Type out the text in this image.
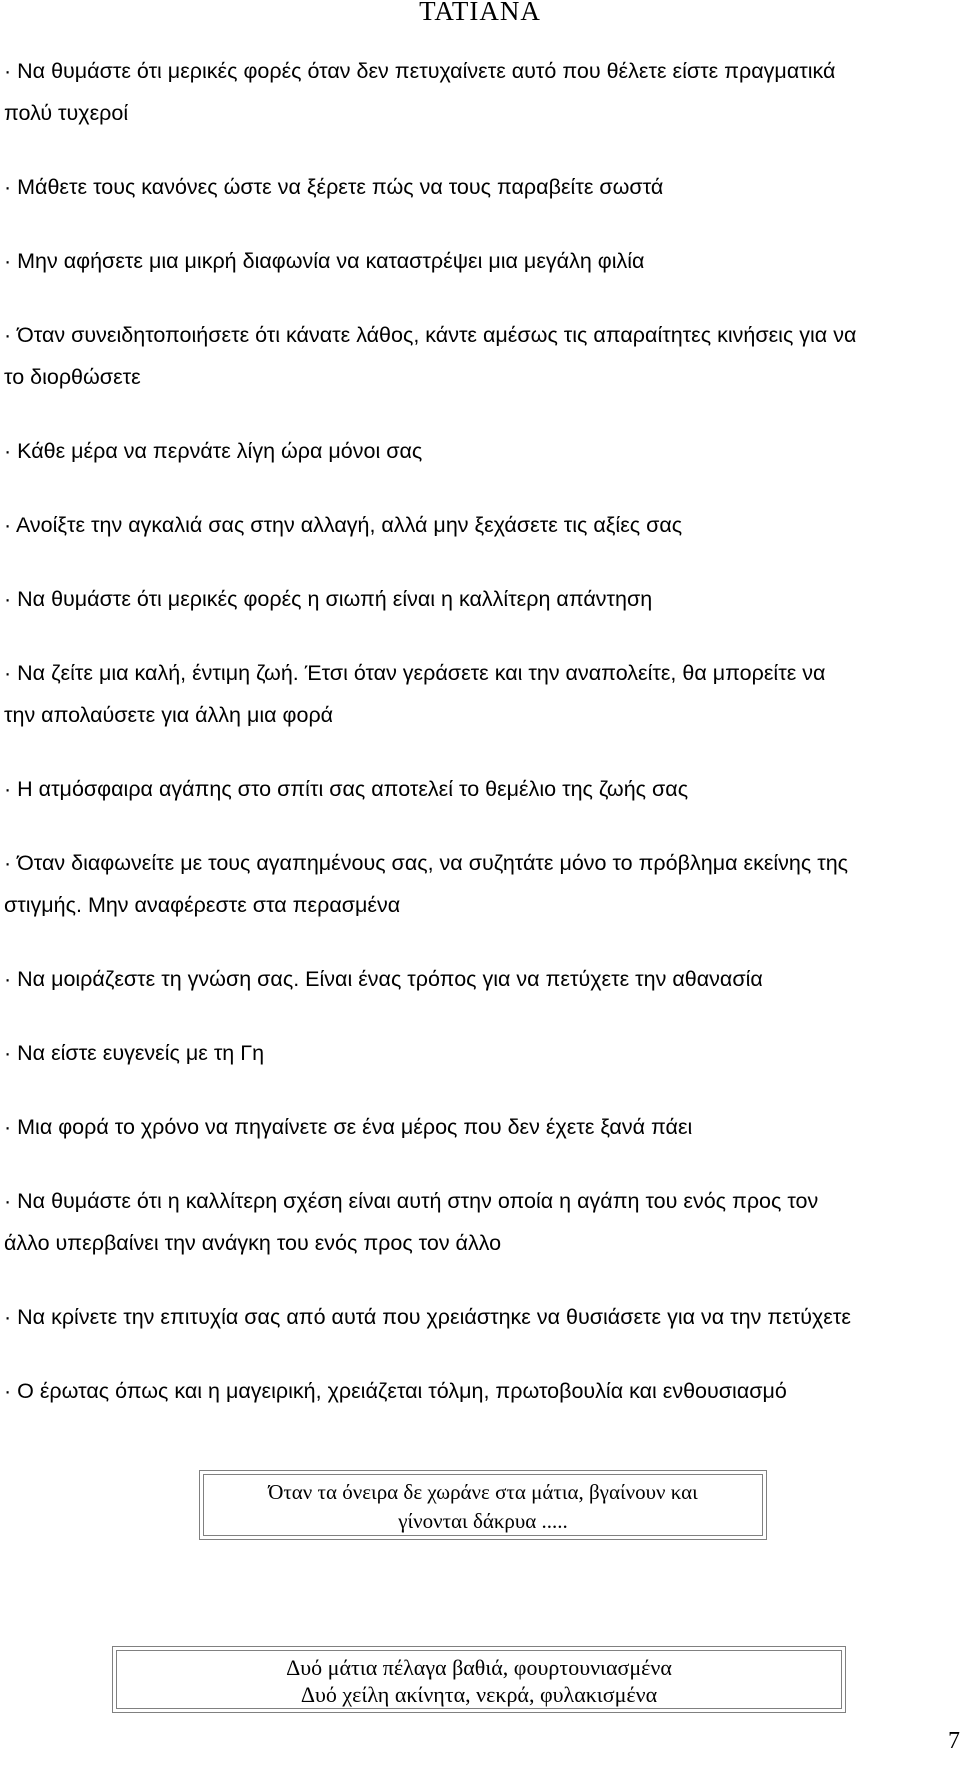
TATIANA
· Να θυμάστε ότι μερικές φορές όταν δεν πετυχαίνετε αυτό που θέλετε είστε πραγματικά
πολύ τυχεροί
· Μάθετε τους κανόνες ώστε να ξέρετε πώς να τους παραβείτε σωστά
· Μην αφήσετε μια μικρή διαφωνία να καταστρέψει μια μεγάλη φιλία
· Όταν συνειδητοποιήσετε ότι κάνατε λάθος, κάντε αμέσως τις απαραίτητες κινήσεις για να
το διορθώσετε
· Κάθε μέρα να περνάτε λίγη ώρα μόνοι σας
· Ανοίξτε την αγκαλιά σας στην αλλαγή, αλλά μην ξεχάσετε τις αξίες σας
· Να θυμάστε ότι μερικές φορές η σιωπή είναι η καλλίτερη απάντηση
· Να ζείτε μια καλή, έντιμη ζωή. Έτσι όταν γεράσετε και την αναπολείτε, θα μπορείτε να
την απολαύσετε για άλλη μια φορά
· Η ατμόσφαιρα αγάπης στο σπίτι σας αποτελεί το θεμέλιο της ζωής σας
· Όταν διαφωνείτε με τους αγαπημένους σας, να συζητάτε μόνο το πρόβλημα εκείνης της
στιγμής. Μην αναφέρεστε στα περασμένα
· Να μοιράζεστε τη γνώση σας. Είναι ένας τρόπος για να πετύχετε την αθανασία
· Να είστε ευγενείς με τη Γη
· Μια φορά το χρόνο να πηγαίνετε σε ένα μέρος που δεν έχετε ξανά πάει
· Να θυμάστε ότι η καλλίτερη σχέση είναι αυτή στην οποία η αγάπη του ενός προς τον
άλλο υπερβαίνει την ανάγκη του ενός προς τον άλλο
· Να κρίνετε την επιτυχία σας από αυτά που χρειάστηκε να θυσιάσετε για να την πετύχετε
· Ο έρωτας όπως και η μαγειρική, χρειάζεται τόλμη, πρωτοβουλία και ενθουσιασμό
Όταν τα όνειρα δε χωράνε στα μάτια, βγαίνουν και
γίνονται δάκρυα .....
Δυό μάτια πέλαγα βαθιά, φουρτουνιασμένα
Δυό χείλη ακίνητα, νεκρά, φυλακισμένα
7
